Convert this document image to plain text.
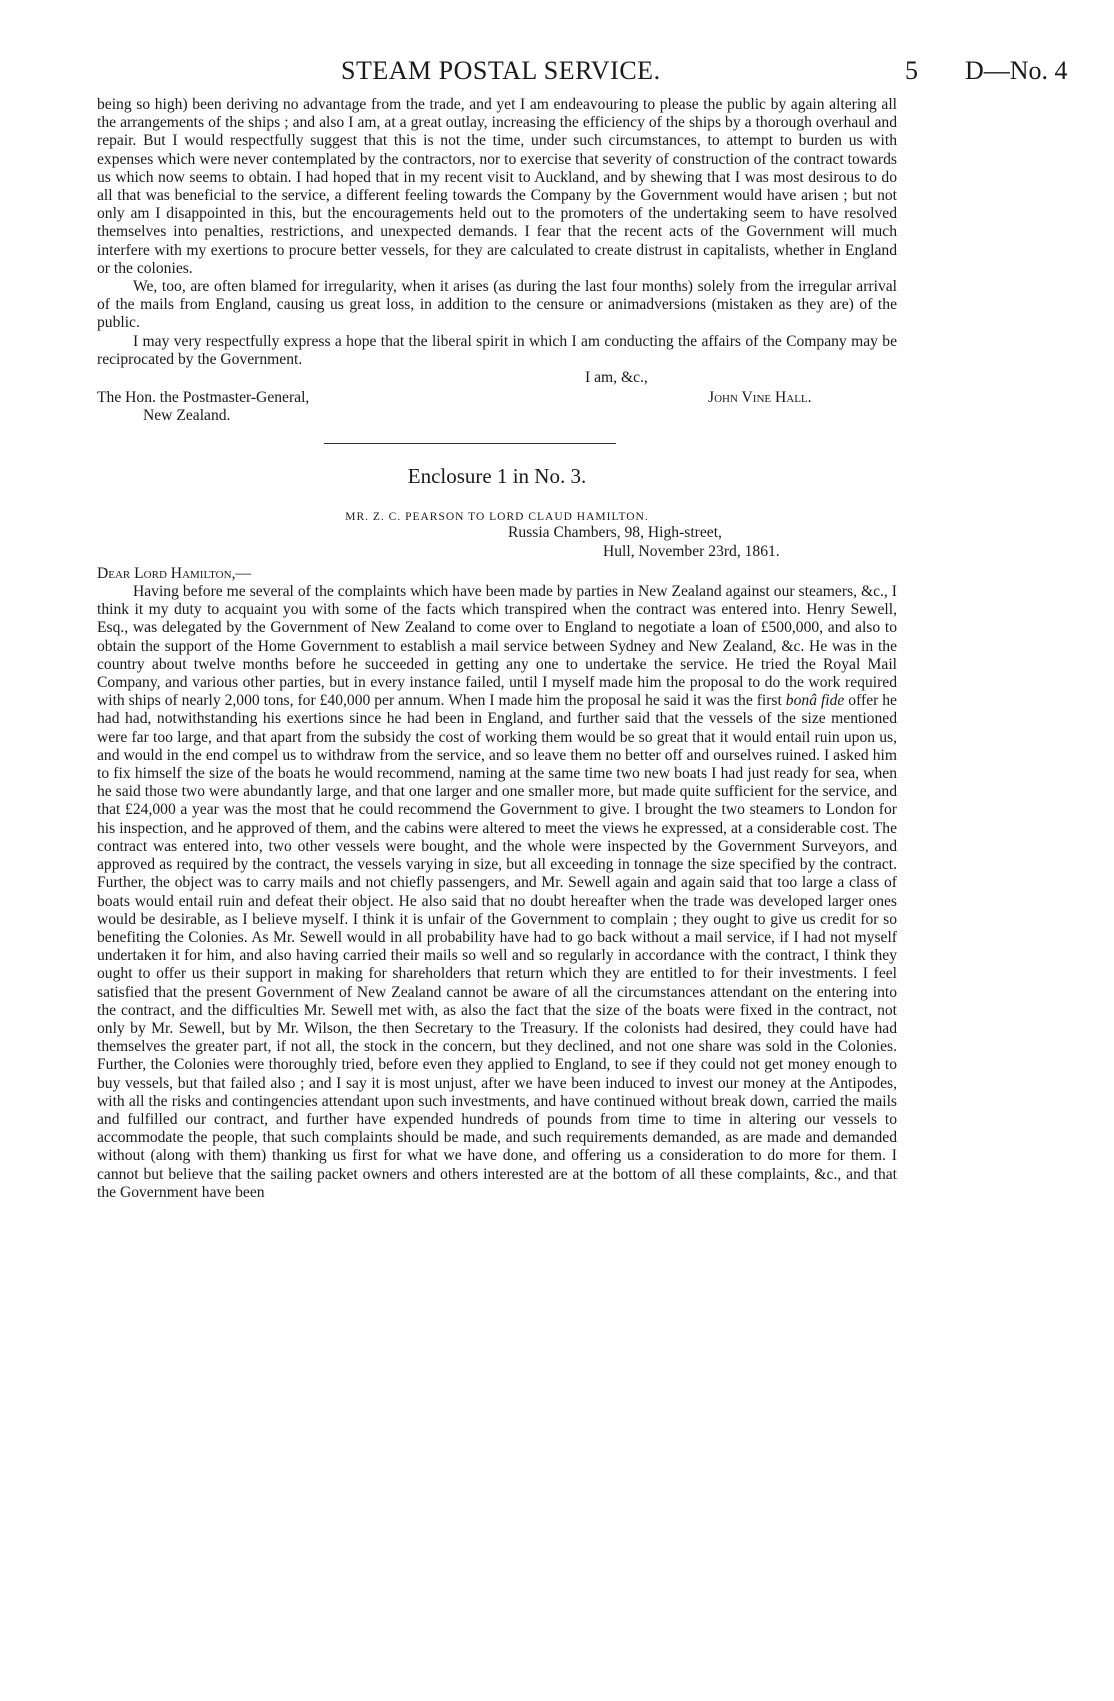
STEAM POSTAL SERVICE.	5 D—No. 4

being so high) been deriving no advantage from the trade, and yet I am endeavouring to please the public by again altering all the arrangements of the ships ; and also I am, at a great outlay, increasing the efficiency of the ships by a thorough overhaul and repair. But I would respectfully suggest that this is not the time, under such circumstances, to attempt to burden us with expenses which were never contemplated by the contractors, nor to exercise that severity of construction of the contract towards us which now seems to obtain. I had hoped that in my recent visit to Auckland, and by shewing that I was most desirous to do all that was beneficial to the service, a different feeling towards the Company by the Government would have arisen ; but not only am I disappointed in this, but the encouragements held out to the promoters of the undertaking seem to have resolved themselves into penalties, restrictions, and unexpected demands. I fear that the recent acts of the Government will much interfere with my exertions to procure better vessels, for they are calculated to create distrust in capitalists, whether in England or the colonies.

We, too, are often blamed for irregularity, when it arises (as during the last four months) solely from the irregular arrival of the mails from England, causing us great loss, in addition to the censure or animadversions (mistaken as they are) of the public.

I may very respectfully express a hope that the liberal spirit in which I am conducting the affairs of the Company may be reciprocated by the Government.

I am, &c.,
The Hon. the Postmaster-General,
New Zealand.
John Vine Hall.
Enclosure 1 in No. 3.
MR. Z. C. PEARSON TO LORD CLAUD HAMILTON.
Russia Chambers, 98, High-street,
Hull, November 23rd, 1861.
Dear Lord Hamilton,—

Having before me several of the complaints which have been made by parties in New Zealand against our steamers, &c., I think it my duty to acquaint you with some of the facts which transpired when the contract was entered into. Henry Sewell, Esq., was delegated by the Government of New Zealand to come over to England to negotiate a loan of £500,000, and also to obtain the support of the Home Government to establish a mail service between Sydney and New Zealand, &c. He was in the country about twelve months before he succeeded in getting any one to undertake the service. He tried the Royal Mail Company, and various other parties, but in every instance failed, until I myself made him the proposal to do the work required with ships of nearly 2,000 tons, for £40,000 per annum. When I made him the proposal he said it was the first bonâ fide offer he had had, notwithstanding his exertions since he had been in England, and further said that the vessels of the size mentioned were far too large, and that apart from the subsidy the cost of working them would be so great that it would entail ruin upon us, and would in the end compel us to withdraw from the service, and so leave them no better off and ourselves ruined. I asked him to fix himself the size of the boats he would recommend, naming at the same time two new boats I had just ready for sea, when he said those two were abundantly large, and that one larger and one smaller more, but made quite sufficient for the service, and that £24,000 a year was the most that he could recommend the Government to give. I brought the two steamers to London for his inspection, and he approved of them, and the cabins were altered to meet the views he expressed, at a considerable cost. The contract was entered into, two other vessels were bought, and the whole were inspected by the Government Surveyors, and approved as required by the contract, the vessels varying in size, but all exceeding in tonnage the size specified by the contract. Further, the object was to carry mails and not chiefly passengers, and Mr. Sewell again and again said that too large a class of boats would entail ruin and defeat their object. He also said that no doubt hereafter when the trade was developed larger ones would be desirable, as I believe myself. I think it is unfair of the Government to complain ; they ought to give us credit for so benefiting the Colonies. As Mr. Sewell would in all probability have had to go back without a mail service, if I had not myself undertaken it for him, and also having carried their mails so well and so regularly in accordance with the contract, I think they ought to offer us their support in making for shareholders that return which they are entitled to for their investments. I feel satisfied that the present Government of New Zealand cannot be aware of all the circumstances attendant on the entering into the contract, and the difficulties Mr. Sewell met with, as also the fact that the size of the boats were fixed in the contract, not only by Mr. Sewell, but by Mr. Wilson, the then Secretary to the Treasury. If the colonists had desired, they could have had themselves the greater part, if not all, the stock in the concern, but they declined, and not one share was sold in the Colonies. Further, the Colonies were thoroughly tried, before even they applied to England, to see if they could not get money enough to buy vessels, but that failed also ; and I say it is most unjust, after we have been induced to invest our money at the Antipodes, with all the risks and contingencies attendant upon such investments, and have continued without break down, carried the mails and fulfilled our contract, and further have expended hundreds of pounds from time to time in altering our vessels to accommodate the people, that such complaints should be made, and such requirements demanded, as are made and demanded without (along with them) thanking us first for what we have done, and offering us a consideration to do more for them. I cannot but believe that the sailing packet owners and others interested are at the bottom of all these complaints, &c., and that the Government have been
